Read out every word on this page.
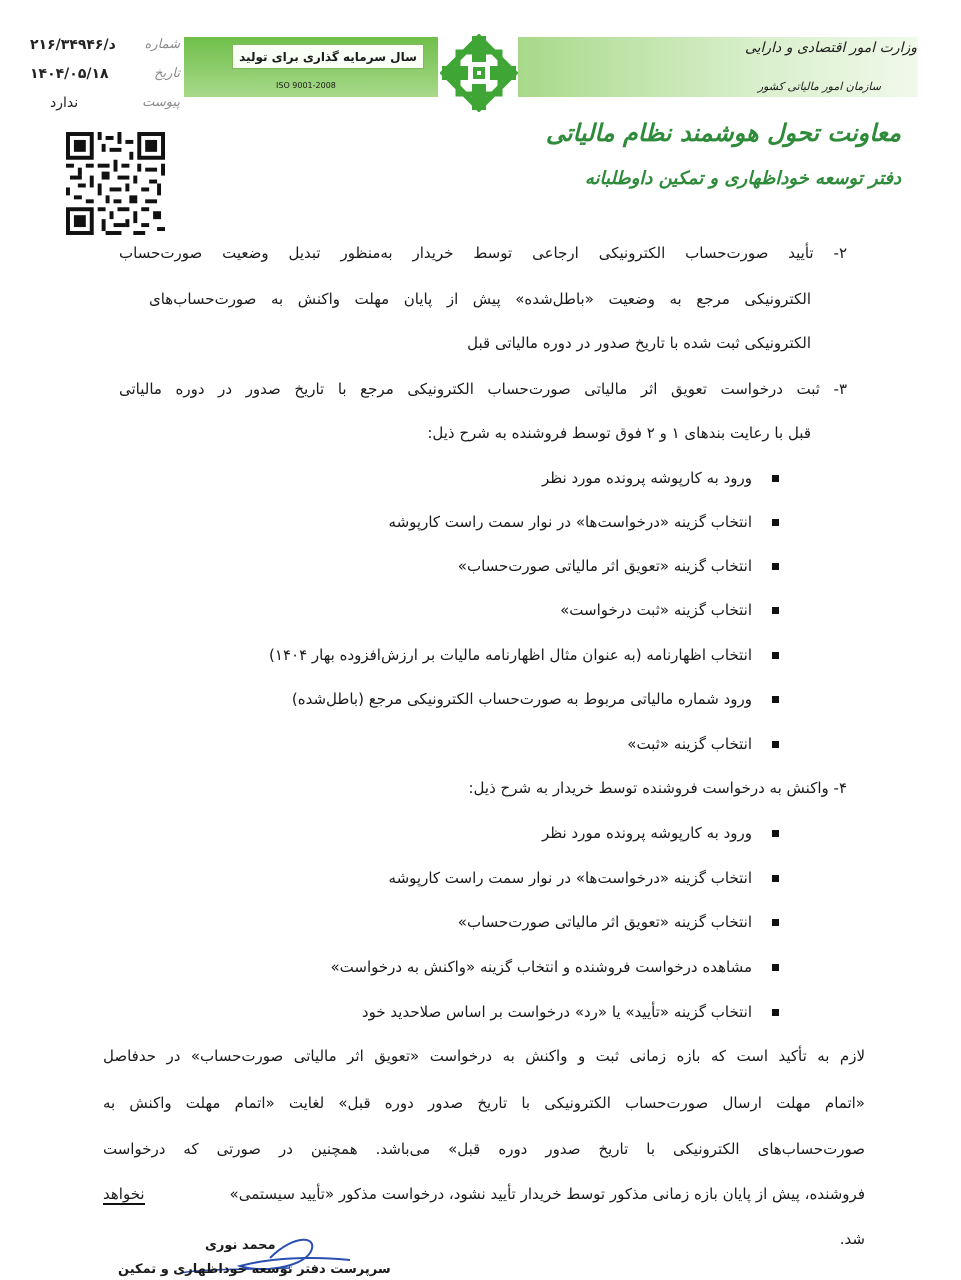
شماره
د/۲۱۶/۳۴۹۴۶
تاریخ
۱۴۰۴/۰۵/۱۸
پیوست
ندارد
سال سرمایه گذاری برای تولید
ISO 9001-2008
وزارت امور اقتصادی و دارایی
سازمان امور مالیاتی کشور
معاونت تحول هوشمند نظام مالیاتی
دفتر توسعه خوداظهاری و تمکین داوطلبانه
۲- تأیید صورت‌حساب الکترونیکی ارجاعی توسط خریدار به‌منظور تبدیل وضعیت صورت‌حساب
الکترونیکی مرجع به وضعیت «باطل‌شده» پیش از پایان مهلت واکنش به صورت‌حساب‌های
الکترونیکی ثبت شده با تاریخ صدور در دوره مالیاتی قبل
۳- ثبت درخواست تعویق اثر مالیاتی صورت‌حساب الکترونیکی مرجع با تاریخ صدور در دوره مالیاتی
قبل با رعایت بندهای ۱ و ۲ فوق توسط فروشنده به شرح ذیل:
ورود به کارپوشه پرونده مورد نظر
انتخاب گزینه «درخواست‌ها» در نوار سمت راست کارپوشه
انتخاب گزینه «تعویق اثر مالیاتی صورت‌حساب»
انتخاب گزینه «ثبت درخواست»
انتخاب اظهارنامه (به عنوان مثال اظهارنامه مالیات بر ارزش‌افزوده بهار ۱۴۰۴)
ورود شماره مالیاتی مربوط به صورت‌حساب الکترونیکی مرجع (باطل‌شده)
انتخاب گزینه «ثبت»
۴- واکنش به درخواست فروشنده توسط خریدار به شرح ذیل:
ورود به کارپوشه پرونده مورد نظر
انتخاب گزینه «درخواست‌ها» در نوار سمت راست کارپوشه
انتخاب گزینه «تعویق اثر مالیاتی صورت‌حساب»
مشاهده درخواست فروشنده و انتخاب گزینه «واکنش به درخواست»
انتخاب گزینه «تأیید» یا «رد» درخواست بر اساس صلاحدید خود
لازم به تأکید است که بازه زمانی ثبت و واکنش به درخواست «تعویق اثر مالیاتی صورت‌حساب» در حدفاصل
«اتمام مهلت ارسال صورت‌حساب الکترونیکی با تاریخ صدور دوره قبل» لغایت «اتمام مهلت واکنش به
صورت‌حساب‌های الکترونیکی با تاریخ صدور دوره قبل» می‌باشد. همچنین در صورتی که درخواست
فروشنده، پیش از پایان بازه زمانی مذکور توسط خریدار تأیید نشود، درخواست مذکور «تأیید سیستمی»
نخواهد
شد.
محمد نوری
سرپرست دفتر توسعه خوداظهاری و تمکین
